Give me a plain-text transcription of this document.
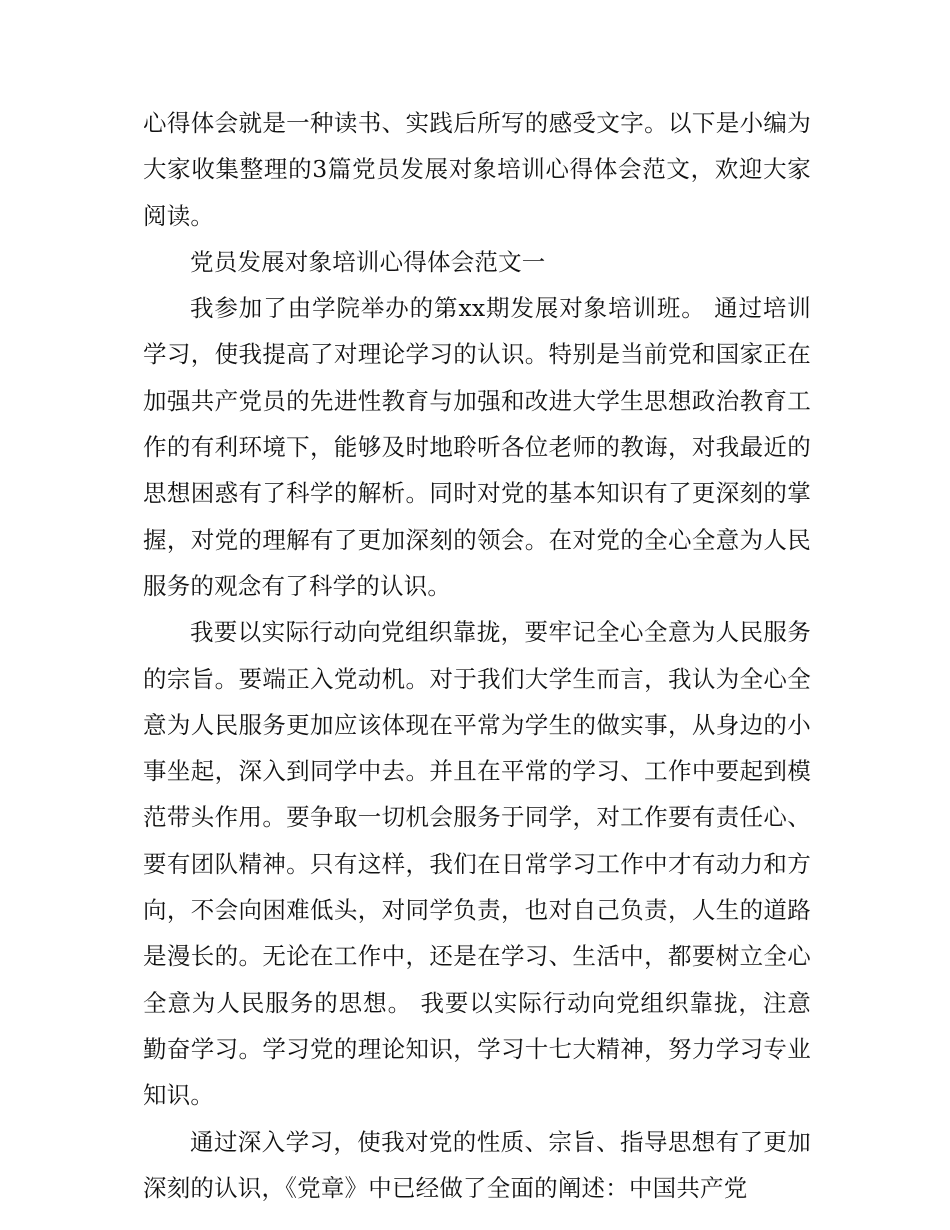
心得体会就是一种读书、实践后所写的感受文字。以下是小编为大家收集整理的3篇党员发展对象培训心得体会范文，欢迎大家阅读。

党员发展对象培训心得体会范文一

我参加了由学院举办的第xx期发展对象培训班。 通过培训学习，使我提高了对理论学习的认识。特别是当前党和国家正在加强共产党员的先进性教育与加强和改进大学生思想政治教育工作的有利环境下，能够及时地聆听各位老师的教诲，对我最近的思想困惑有了科学的解析。同时对党的基本知识有了更深刻的掌握，对党的理解有了更加深刻的领会。在对党的全心全意为人民服务的观念有了科学的认识。

我要以实际行动向党组织靠拢，要牢记全心全意为人民服务的宗旨。要端正入党动机。对于我们大学生而言，我认为全心全意为人民服务更加应该体现在平常为学生的做实事，从身边的小事坐起，深入到同学中去。并且在平常的学习、工作中要起到模范带头作用。要争取一切机会服务于同学，对工作要有责任心、要有团队精神。只有这样，我们在日常学习工作中才有动力和方向，不会向困难低头，对同学负责，也对自己负责，人生的道路是漫长的。无论在工作中，还是在学习、生活中，都要树立全心全意为人民服务的思想。 我要以实际行动向党组织靠拢，注意勤奋学习。学习党的理论知识，学习十七大精神，努力学习专业知识。

通过深入学习，使我对党的性质、宗旨、指导思想有了更加深刻的认识，《党章》中已经做了全面的阐述：中国共产党
